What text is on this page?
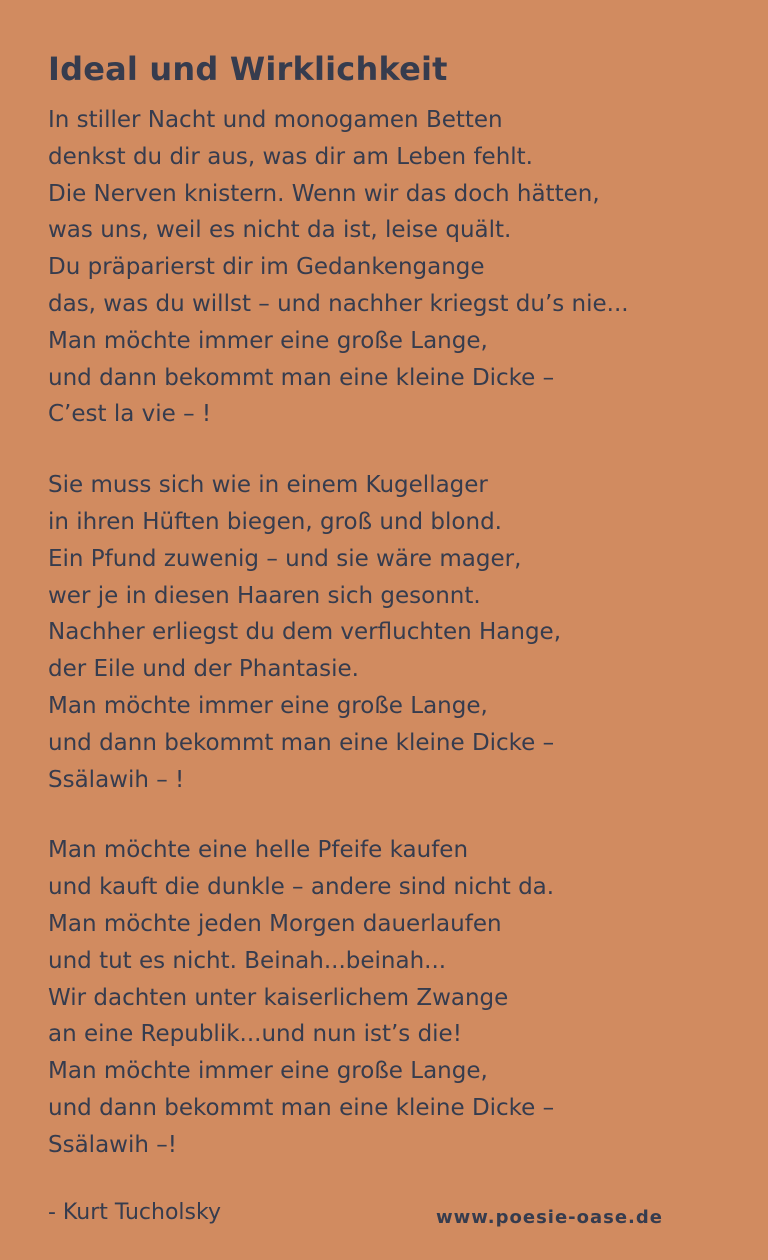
Ideal und Wirklichkeit
In stiller Nacht und monogamen Betten
denkst du dir aus, was dir am Leben fehlt.
Die Nerven knistern. Wenn wir das doch hätten,
was uns, weil es nicht da ist, leise quält.
Du präparierst dir im Gedankengange
das, was du willst – und nachher kriegst du’s nie...
Man möchte immer eine große Lange,
und dann bekommt man eine kleine Dicke –
C’est la vie – !
Sie muss sich wie in einem Kugellager
in ihren Hüften biegen, groß und blond.
Ein Pfund zuwenig – und sie wäre mager,
wer je in diesen Haaren sich gesonnt.
Nachher erliegst du dem verfluchten Hange,
der Eile und der Phantasie.
Man möchte immer eine große Lange,
und dann bekommt man eine kleine Dicke –
Ssälawih – !
Man möchte eine helle Pfeife kaufen
und kauft die dunkle – andere sind nicht da.
Man möchte jeden Morgen dauerlaufen
und tut es nicht. Beinah...beinah...
Wir dachten unter kaiserlichem Zwange
an eine Republik...und nun ist’s die!
Man möchte immer eine große Lange,
und dann bekommt man eine kleine Dicke –
Ssälawih –!
- Kurt Tucholsky	www.poesie-oase.de
